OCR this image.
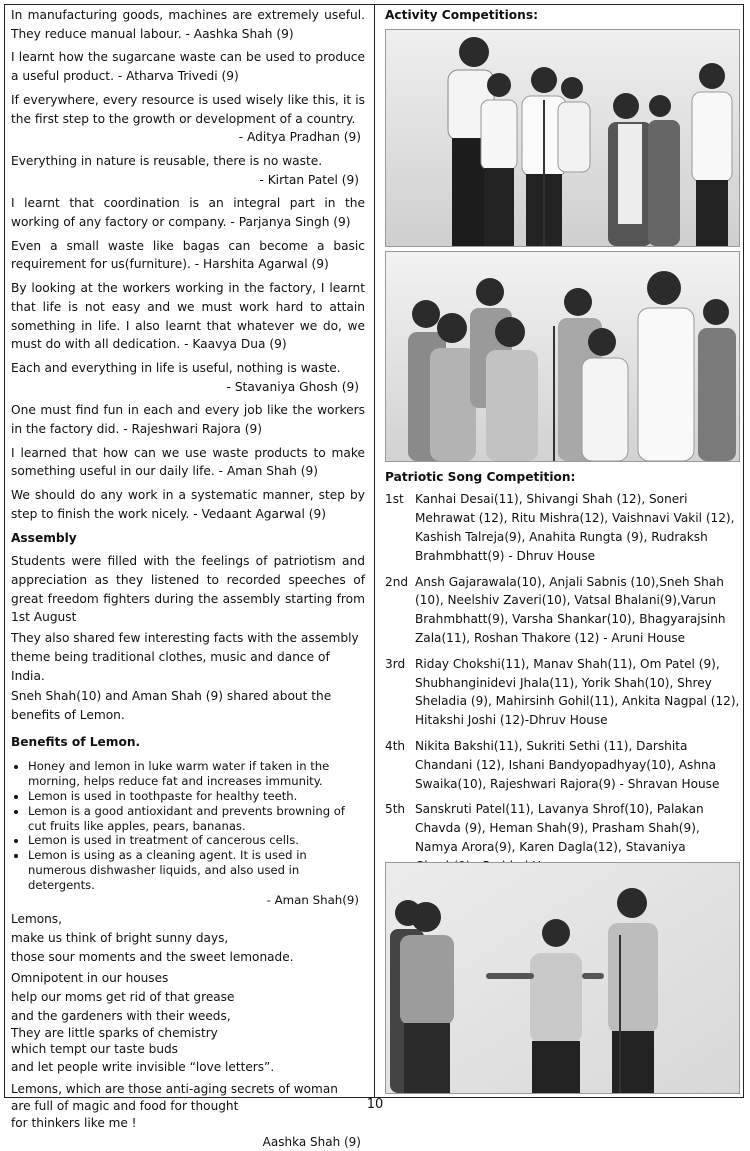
In manufacturing goods, machines are extremely useful. They reduce manual labour. - Aashka Shah (9)

I learnt how the sugarcane waste can be used to produce a useful product. - Atharva Trivedi (9)

If everywhere, every resource is used wisely like this, it is the first step to the growth or development of a country.

- Aditya Pradhan (9)

Everything in nature is reusable, there is no waste.

- Kirtan Patel (9)

I learnt that coordination is an integral part in the working of any factory or company. - Parjanya Singh (9)

Even a small waste like bagas can become a basic requirement for us(furniture). - Harshita Agarwal (9)

By looking at the workers working in the factory, I learnt that life is not easy and we must work hard to attain something in life. I also learnt that whatever we do, we must do with all dedication. - Kaavya Dua (9)

Each and everything in life is useful, nothing is waste.

- Stavaniya Ghosh (9)

One must find fun in each and every job like the workers in the factory did. - Rajeshwari Rajora (9)

I learned that how can we use waste products to make something useful in our daily life. - Aman Shah (9)

We should do any work in a systematic manner, step by step to finish the work nicely. - Vedaant Agarwal (9)

Assembly

Students were filled with the feelings of patriotism and appreciation as they listened to recorded speeches of great freedom fighters during the assembly starting from 1st August

They also shared few interesting facts with the assembly theme being traditional clothes, music and dance of India.

Sneh Shah(10) and Aman Shah (9) shared about the benefits of Lemon.

Benefits of Lemon.
• Honey and lemon in luke warm water if taken in the morning, helps reduce fat and increases immunity.
• Lemon is used in toothpaste for healthy teeth.
• Lemon is a good antioxidant and prevents browning of cut fruits like apples, pears, bananas.
• Lemon is used in treatment of cancerous cells.
• Lemon is using as a cleaning agent. It is used in numerous dishwasher liquids, and also used in detergents.

- Aman Shah(9)

Lemons,
make us think of bright sunny days,
those sour moments and the sweet lemonade.
Omnipotent in our houses
help our moms get rid of that grease
and the gardeners with their weeds,
They are little sparks of chemistry
which tempt our taste buds
and let people write invisible “love letters”.
Lemons, which are those anti-aging secrets of woman
are full of magic and food for thought
for thinkers like me !
Aashka Shah (9)
Activity Competitions:
Patriotic Song Competition:
1st Kanhai Desai(11), Shivangi Shah (12), Soneri Mehrawat (12), Ritu Mishra(12), Vaishnavi Vakil (12), Kashish Talreja(9), Anahita Rungta (9), Rudraksh Brahmbhatt(9) - Dhruv House
2nd Ansh Gajarawala(10), Anjali Sabnis (10),Sneh Shah (10), Neelshiv Zaveri(10), Vatsal Bhalani(9),Varun Brahmbhatt(9), Varsha Shankar(10), Bhagyarajsinh Zala(11), Roshan Thakore (12) - Aruni House
3rd Riday Chokshi(11), Manav Shah(11), Om Patel (9), Shubhanginidevi Jhala(11), Yorik Shah(10), Shrey Sheladia (9), Mahirsinh Gohil(11), Ankita Nagpal (12), Hitakshi Joshi (12)-Dhruv House
4th Nikita Bakshi(11), Sukriti Sethi (11), Darshita Chandani (12), Ishani Bandyopadhyay(10), Ashna Swaika(10), Rajeshwari Rajora(9) - Shravan House
5th Sanskruti Patel(11), Lavanya Shrof(10), Palakan Chavda (9), Heman Shah(9), Prasham Shah(9), Namya Arora(9), Karen Dagla(12), Stavaniya
10
